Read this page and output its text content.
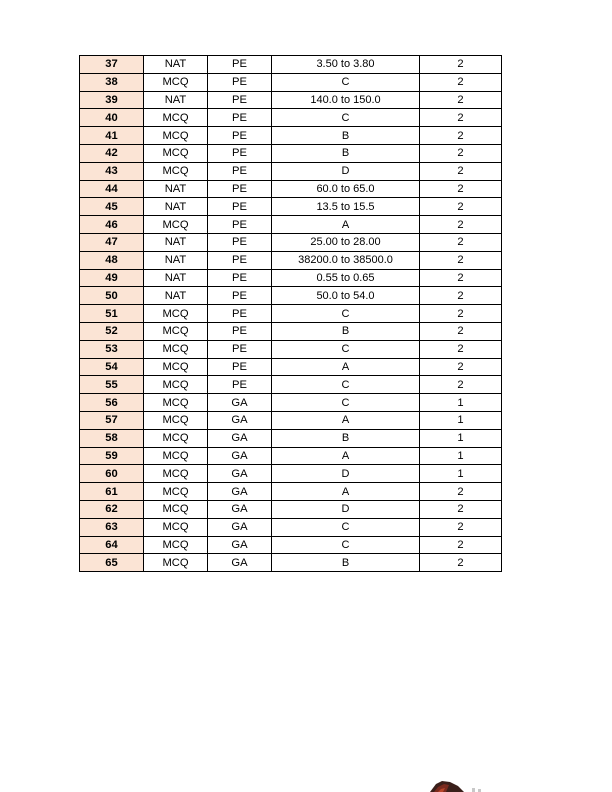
37	NAT	PE	3.50 to 3.80	2
38	MCQ	PE	C	2
39	NAT	PE	140.0 to 150.0	2
40	MCQ	PE	C	2
41	MCQ	PE	B	2
42	MCQ	PE	B	2
43	MCQ	PE	D	2
44	NAT	PE	60.0 to 65.0	2
45	NAT	PE	13.5 to 15.5	2
46	MCQ	PE	A	2
47	NAT	PE	25.00 to 28.00	2
48	NAT	PE	38200.0 to 38500.0	2
49	NAT	PE	0.55 to 0.65	2
50	NAT	PE	50.0 to 54.0	2
51	MCQ	PE	C	2
52	MCQ	PE	B	2
53	MCQ	PE	C	2
54	MCQ	PE	A	2
55	MCQ	PE	C	2
56	MCQ	GA	C	1
57	MCQ	GA	A	1
58	MCQ	GA	B	1
59	MCQ	GA	A	1
60	MCQ	GA	D	1
61	MCQ	GA	A	2
62	MCQ	GA	D	2
63	MCQ	GA	C	2
64	MCQ	GA	C	2
65	MCQ	GA	B	2
